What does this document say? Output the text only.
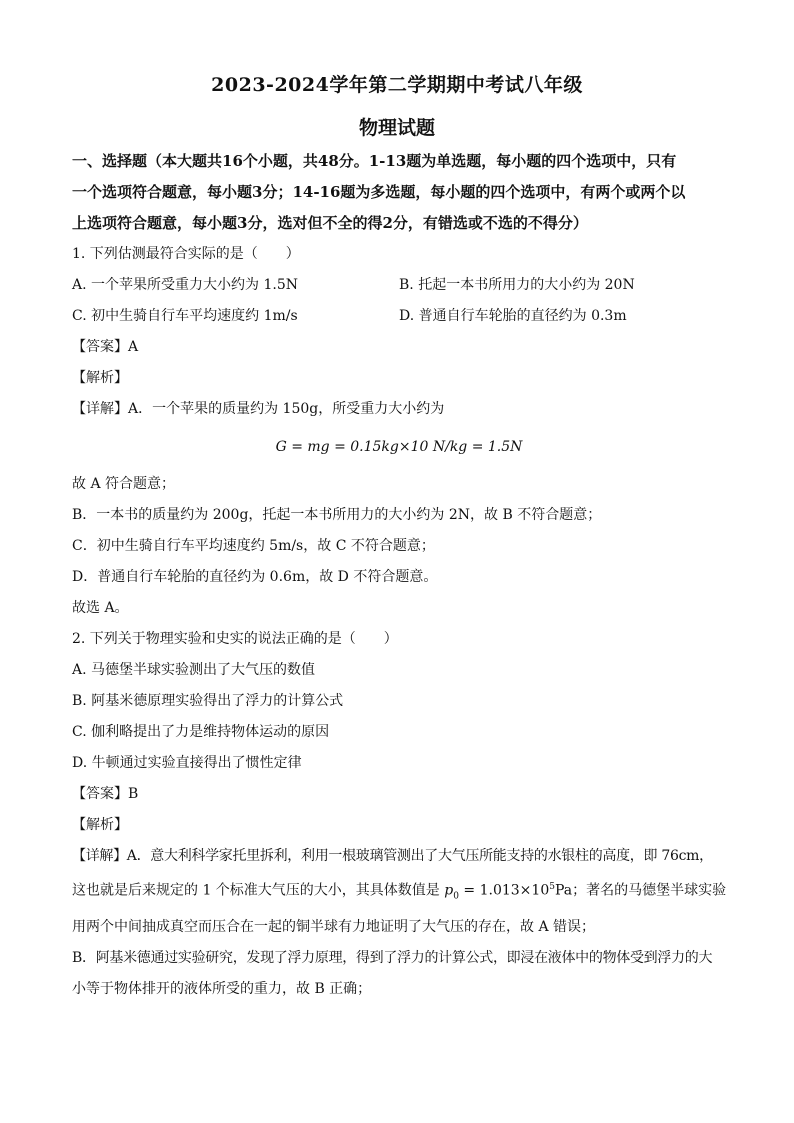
2023-2024学年第二学期期中考试八年级
物理试题

一、选择题（本大题共16个小题，共48分。1-13题为单选题，每小题的四个选项中，只有

一个选项符合题意，每小题3分；14-16题为多选题，每小题的四个选项中，有两个或两个以

上选项符合题意，每小题3分，选对但不全的得2分，有错选或不选的不得分）

1. 下列估测最符合实际的是（　　）

A. 一个苹果所受重力大小约为 1.5N	B. 托起一本书所用力的大小约为 20N
C. 初中生骑自行车平均速度约 1m/s	D. 普通自行车轮胎的直径约为 0.3m

【答案】A

【解析】

【详解】A．一个苹果的质量约为 150g，所受重力大小约为

G = mg = 0.15kg×10 N/kg = 1.5N

故 A 符合题意；

B．一本书的质量约为 200g，托起一本书所用力的大小约为 2N，故 B 不符合题意；

C．初中生骑自行车平均速度约 5m/s，故 C 不符合题意；

D．普通自行车轮胎的直径约为 0.6m，故 D 不符合题意。

故选 A。

2. 下列关于物理实验和史实的说法正确的是（　　）

A. 马德堡半球实验测出了大气压的数值

B. 阿基米德原理实验得出了浮力的计算公式

C. 伽利略提出了力是维持物体运动的原因

D. 牛顿通过实验直接得出了惯性定律

【答案】B

【解析】

【详解】A．意大利科学家托里拆利，利用一根玻璃管测出了大气压所能支持的水银柱的高度，即 76cm，

这也就是后来规定的 1 个标准大气压的大小，其具体数值是 $p_0 = 1.013\times 10^5Pa$；著名的马德堡半球实验

用两个中间抽成真空而压合在一起的铜半球有力地证明了大气压的存在，故 A 错误；

B．阿基米德通过实验研究，发现了浮力原理，得到了浮力的计算公式，即浸在液体中的物体受到浮力的大

小等于物体排开的液体所受的重力，故 B 正确；
